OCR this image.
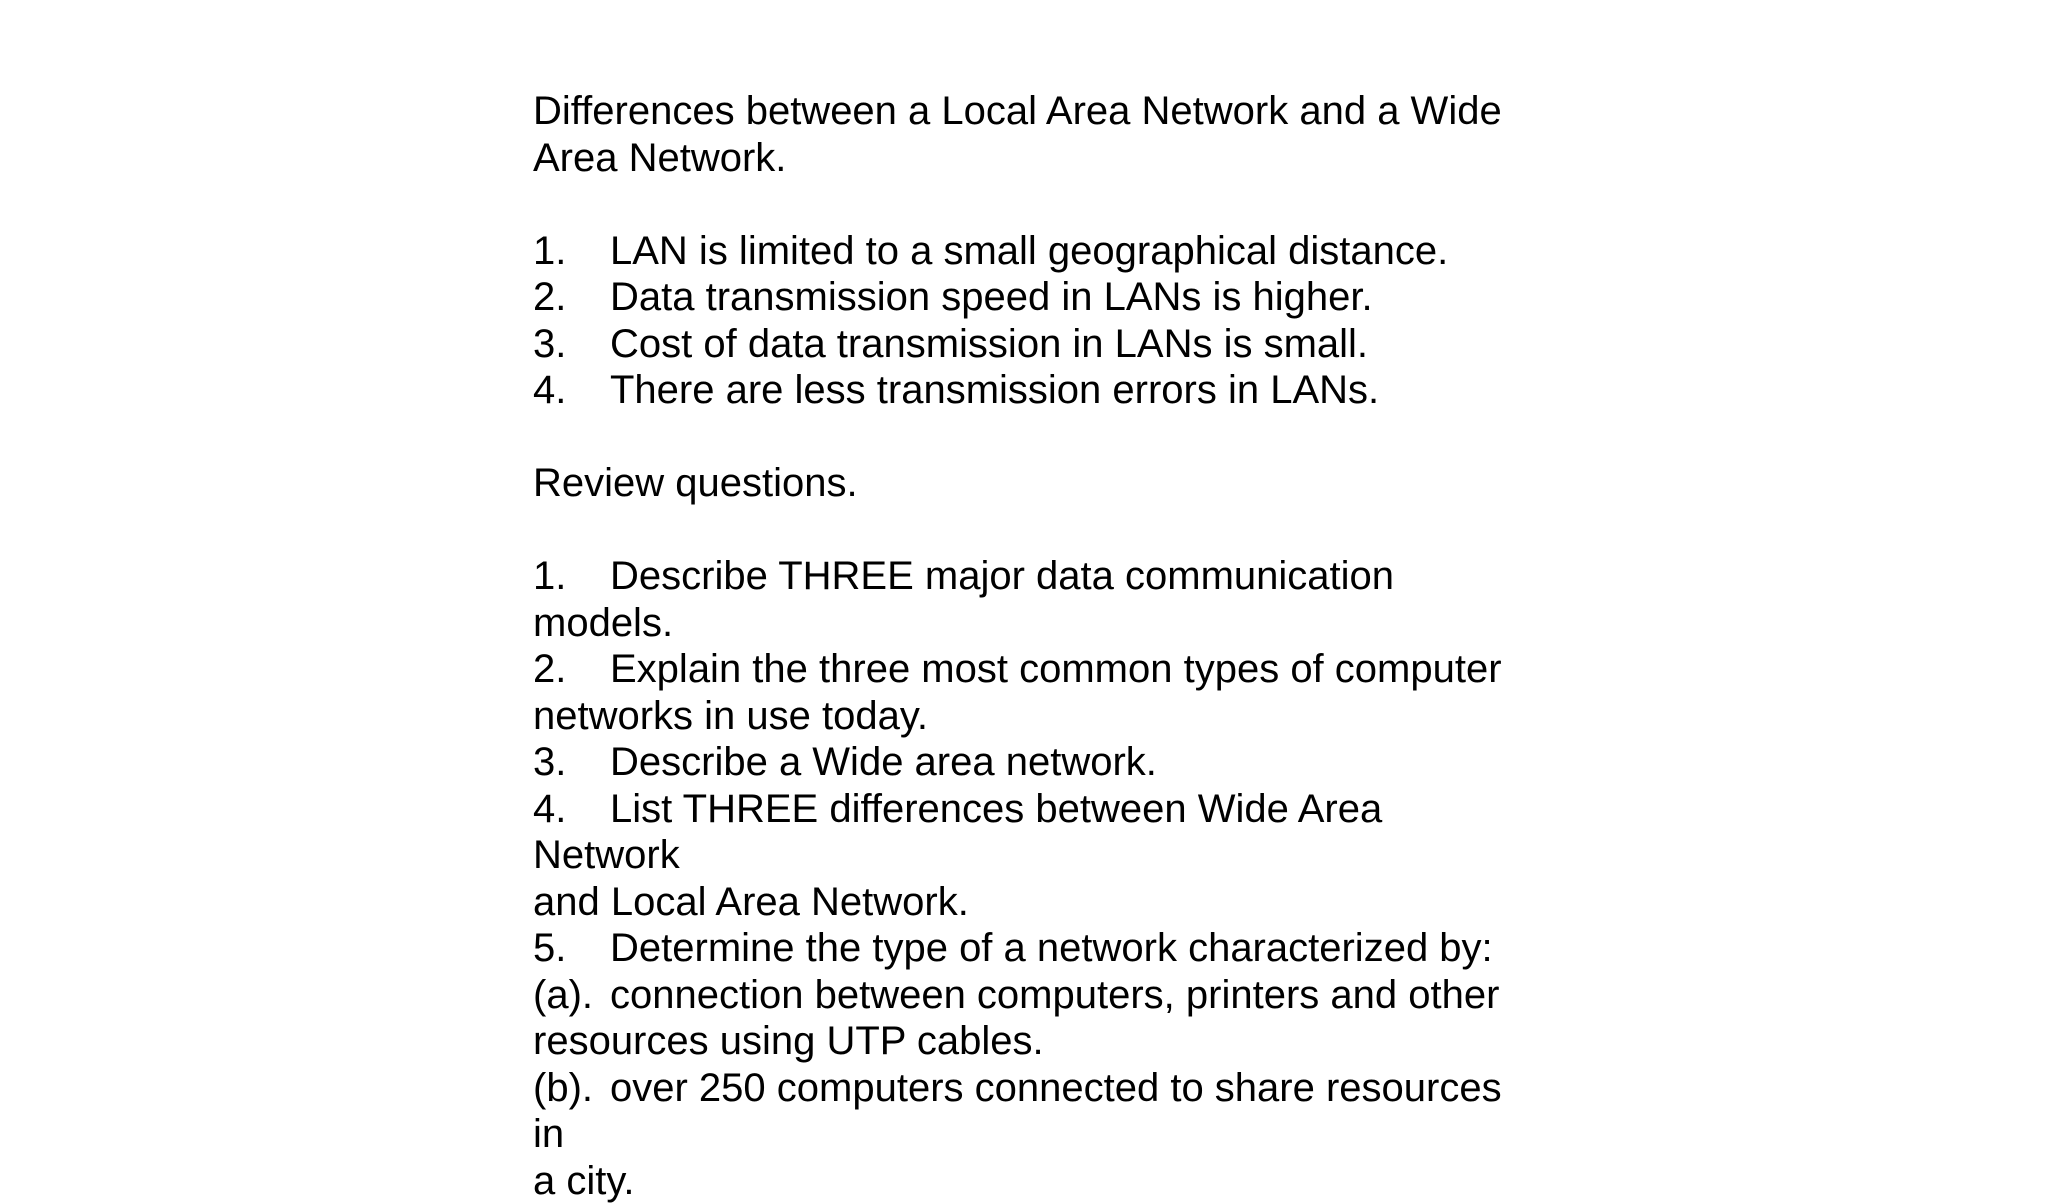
Differences between a Local Area Network and a Wide
Area Network.

1. LAN is limited to a small geographical distance.

2. Data transmission speed in LANs is higher.

3. Cost of data transmission in LANs is small.

4. There are less transmission errors in LANs.

Review questions.

1. Describe THREE major data communication models.

2. Explain the three most common types of computer
networks in use today.

3. Describe a Wide area network.

4. List THREE differences between Wide Area Network
and Local Area Network.

5. Determine the type of a network characterized by:

(a). connection between computers, printers and other
resources using UTP cables.

(b). over 250 computers connected to share resources in
a city.
